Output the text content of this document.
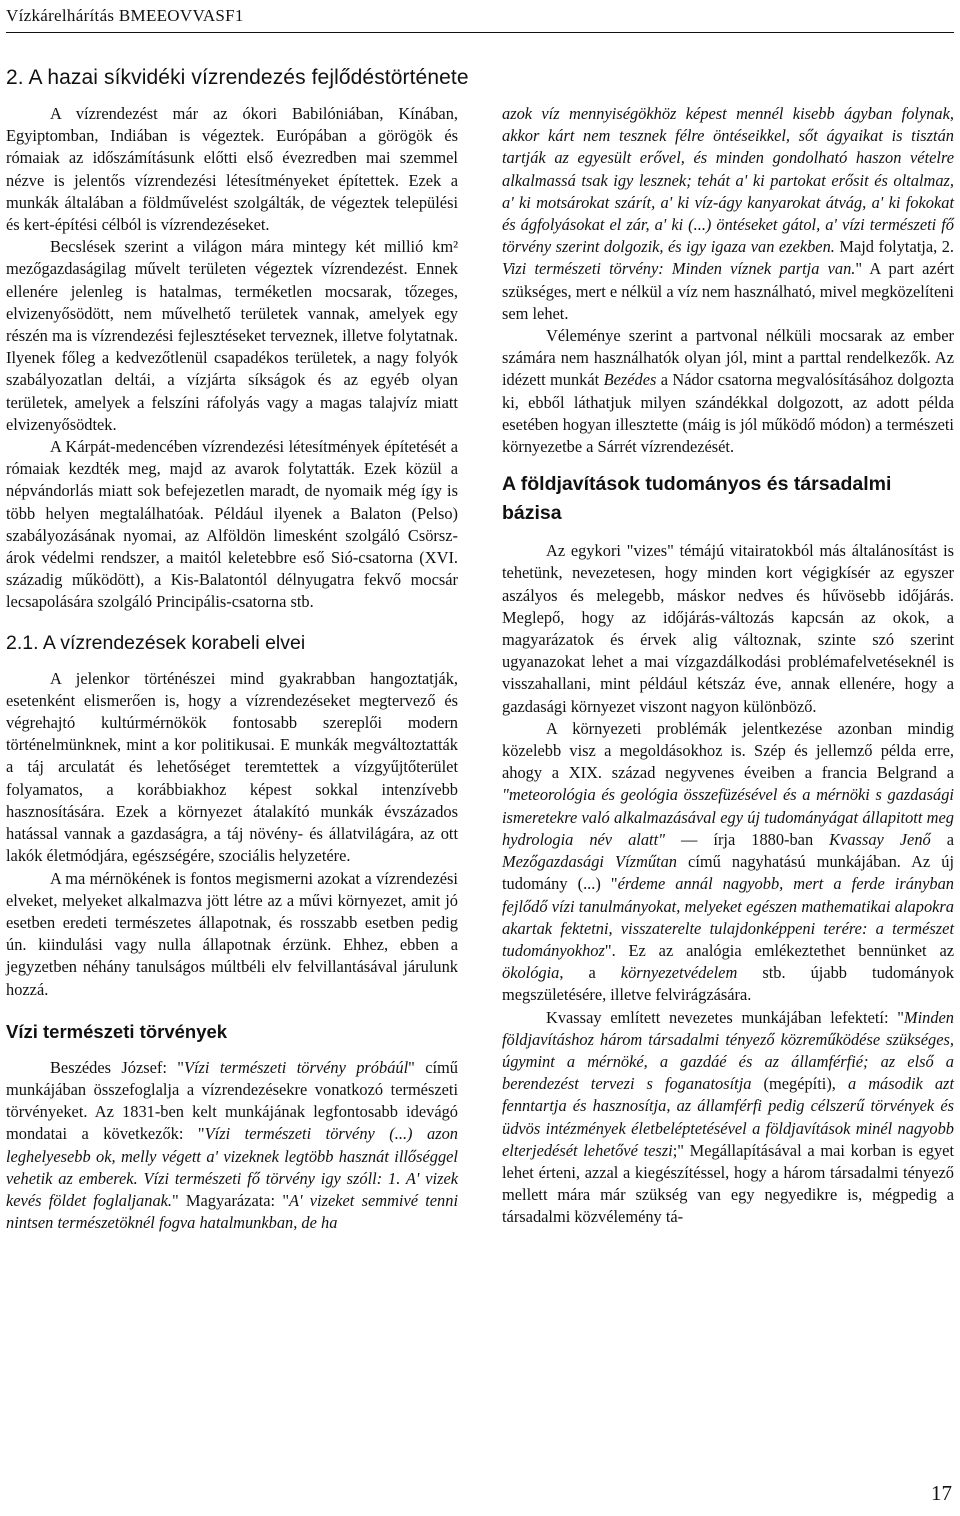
Vízkárelhárítás BMEEOVVASF1
2. A hazai síkvidéki vízrendezés fejlődéstörténete

A vízrendezést már az ókori Babilóniában, Kínában, Egyiptomban, Indiában is végeztek. Európában a görögök és rómaiak az időszámításunk előtti első évezredben mai szemmel nézve is jelentős vízrendezési létesítményeket építettek. Ezek a munkák általában a földművelést szolgálták, de végeztek települési és kert-építési célból is vízrendezéseket.

Becslések szerint a világon mára mintegy két millió km² mezőgazdaságilag művelt területen végeztek vízrendezést. Ennek ellenére jelenleg is hatalmas, terméketlen mocsarak, tőzeges, elvizenyősödött, nem művelhető területek vannak, amelyek egy részén ma is vízrendezési fejlesztéseket terveznek, illetve folytatnak. Ilyenek főleg a kedvezőtlenül csapadékos területek, a nagy folyók szabályozatlan deltái, a vízjárta síkságok és az egyéb olyan területek, amelyek a felszíni ráfolyás vagy a magas talajvíz miatt elvizenyősödtek.

A Kárpát-medencében vízrendezési létesítmények építetését a rómaiak kezdték meg, majd az avarok folytatták. Ezek közül a népvándorlás miatt sok befejezetlen maradt, de nyomaik még így is több helyen megtalálhatóak. Például ilyenek a Balaton (Pelso) szabályozásának nyomai, az Alföldön limesként szolgáló Csörsz-árok védelmi rendszer, a maitól keletebbre eső Sió-csatorna (XVI. századig működött), a Kis-Balatontól délnyugatra fekvő mocsár lecsapolására szolgáló Principális-csatorna stb.

2.1. A vízrendezések korabeli elvei

A jelenkor történészei mind gyakrabban hangoztatják, esetenként elismerően is, hogy a vízrendezéseket megtervező és végrehajtó kultúrmérnökök fontosabb szereplői modern történelmünknek, mint a kor politikusai. E munkák megváltoztatták a táj arculatát és lehetőséget teremtettek a vízgyűjtőterület folyamatos, a korábbiakhoz képest sokkal intenzívebb hasznosítására. Ezek a környezet átalakító munkák évszázados hatással vannak a gazdaságra, a táj növény- és állatvilágára, az ott lakók életmódjára, egészségére, szociális helyzetére.

A ma mérnökének is fontos megismerni azokat a vízrendezési elveket, melyeket alkalmazva jött létre az a művi környezet, amit jó esetben eredeti természetes állapotnak, és rosszabb esetben pedig ún. kiindulási vagy nulla állapotnak érzünk. Ehhez, ebben a jegyzetben néhány tanulságos múltbéli elv felvillantásával járulunk hozzá.

Vízi természeti törvények

Beszédes József: "Vízi természeti törvény próbáúl" című munkájában összefoglalja a vízrendezésekre vonatkozó természeti törvényeket. Az 1831-ben kelt munkájának legfontosabb idevágó mondatai a következők: "Vízi természeti törvény (...) azon leghelyesebb ok, melly végett a' vizeknek legtöbb hasznát illőséggel vehetik az emberek. Vízi természeti fő törvény igy szóll: 1. A' vizek kevés földet foglaljanak." Magyarázata: "A' vizeket semmivé tenni nintsen természetöknél fogva hatalmunkban, de ha

azok víz mennyiségökhöz képest mennél kisebb ágyban folynak, akkor kárt nem tesznek félre öntéseikkel, sőt ágyaikat is tisztán tartják az egyesült erővel, és minden gondolható haszon vételre alkalmassá tsak igy lesznek; tehát a' ki partokat erősit és oltalmaz, a' ki motsárokat szárít, a' ki víz-ágy kanyarokat átvág, a' ki fokokat és ágfolyásokat el zár, a' ki (...) öntéseket gátol, a' vízi természeti fő törvény szerint dolgozik, és igy igaza van ezekben. Majd folytatja, 2. Vizi természeti törvény: Minden víznek partja van." A part azért szükséges, mert e nélkül a víz nem használható, mivel megközelíteni sem lehet.

Véleménye szerint a partvonal nélküli mocsarak az ember számára nem használhatók olyan jól, mint a parttal rendelkezők. Az idézett munkát Bezédes a Nádor csatorna megvalósításához dolgozta ki, ebből láthatjuk milyen szándékkal dolgozott, az adott példa esetében hogyan illesztette (máig is jól működő módon) a természeti környezetbe a Sárrét vízrendezését.

A földjavítások tudományos és társadalmi bázisa

Az egykori "vizes" témájú vitairatokból más általánosítást is tehetünk, nevezetesen, hogy minden kort végigkísér az egyszer aszályos és melegebb, máskor nedves és hűvösebb időjárás. Meglepő, hogy az időjárás-változás kapcsán az okok, a magyarázatok és érvek alig változnak, szinte szó szerint ugyanazokat lehet a mai vízgazdálkodási problémafelvetéseknél is visszahallani, mint például kétszáz éve, annak ellenére, hogy a gazdasági környezet viszont nagyon különböző.

A környezeti problémák jelentkezése azonban mindig közelebb visz a megoldásokhoz is. Szép és jellemző példa erre, ahogy a XIX. század negyvenes éveiben a francia Belgrand a "meteorológia és geológia összefüzésével és a mérnöki s gazdasági ismeretekre való alkalmazásával egy új tudományágat állapitott meg hydrologia név alatt" — írja 1880-ban Kvassay Jenő a Mezőgazdasági Vízműtan című nagyhatású munkájában. Az új tudomány (...) "érdeme annál nagyobb, mert a ferde irányban fejlődő vízi tanulmányokat, melyeket egészen mathematikai alapokra akartak fektetni, visszaterelte tulajdonképpeni terére: a természet tudományokhoz". Ez az analógia emlékeztethet bennünket az ökológia, a környezetvédelem stb. újabb tudományok megszületésére, illetve felvirágzására.

Kvassay említett nevezetes munkájában lefektetí: "Minden földjavításhoz három társadalmi tényező közreműködése szükséges, úgymint a mérnöké, a gazdáé és az államférfié; az első a berendezést tervezi s foganatosítja (megépíti), a második azt fenntartja és hasznosítja, az államférfi pedig célszerű törvények és üdvös intézmények életbeléptetésével a földjavítások minél nagyobb elterjedését lehetővé teszi;" Megállapításával a mai korban is egyet lehet érteni, azzal a kiegészítéssel, hogy a három társadalmi tényező mellett mára már szükség van egy negyedikre is, mégpedig a társadalmi közvélemény tá-

17
